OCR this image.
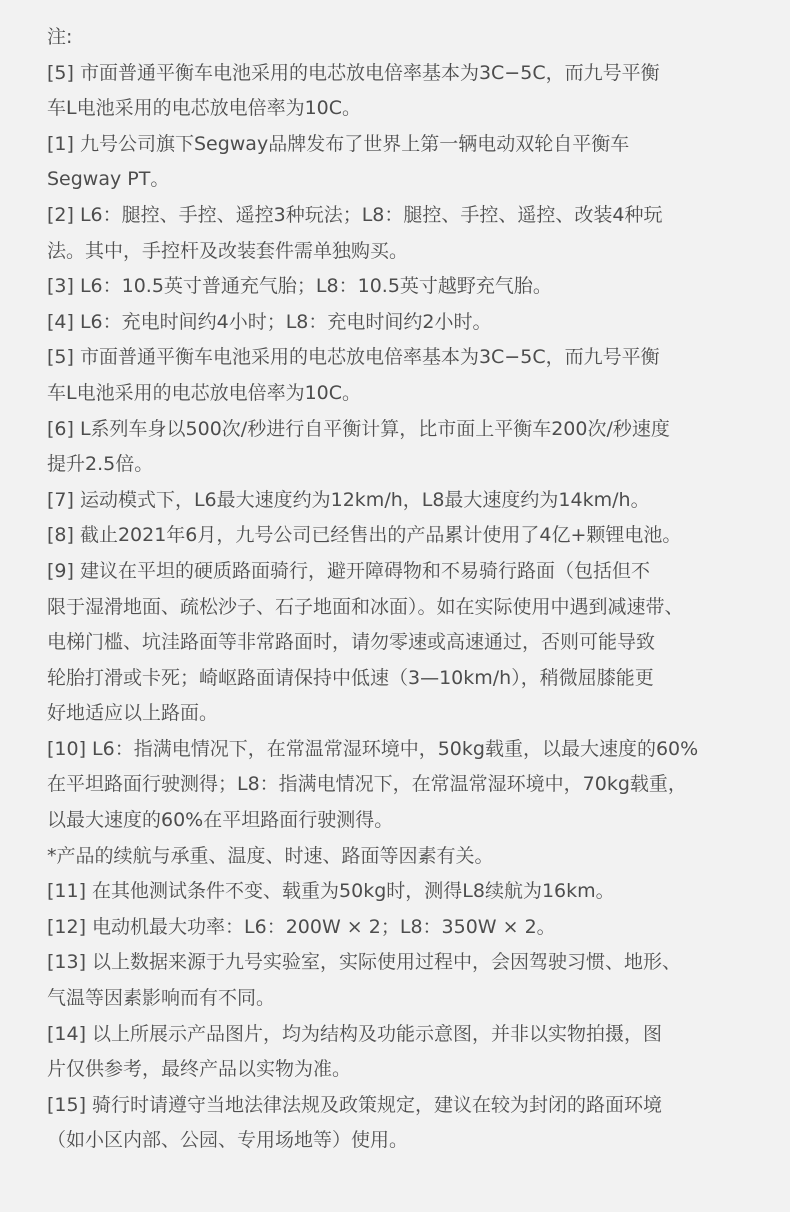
注:
[5] 市面普通平衡车电池采用的电芯放电倍率基本为3C−5C，而九号平衡
车L电池采用的电芯放电倍率为10C。
[1] 九号公司旗下Segway品牌发布了世界上第一辆电动双轮自平衡车
Segway PT。
[2] L6：腿控、手控、遥控3种玩法；L8：腿控、手控、遥控、改装4种玩
法。其中，手控杆及改装套件需单独购买。
[3] L6：10.5英寸普通充气胎；L8：10.5英寸越野充气胎。
[4] L6：充电时间约4小时；L8：充电时间约2小时。
[5] 市面普通平衡车电池采用的电芯放电倍率基本为3C−5C，而九号平衡
车L电池采用的电芯放电倍率为10C。
[6] L系列车身以500次/秒进行自平衡计算，比市面上平衡车200次/秒速度
提升2.5倍。
[7] 运动模式下，L6最大速度约为12km/h，L8最大速度约为14km/h。
[8] 截止2021年6月，九号公司已经售出的产品累计使用了4亿+颗锂电池。
[9] 建议在平坦的硬质路面骑行，避开障碍物和不易骑行路面（包括但不
限于湿滑地面、疏松沙子、石子地面和冰面）。如在实际使用中遇到减速带、
电梯门槛、坑洼路面等非常路面时，请勿零速或高速通过，否则可能导致
轮胎打滑或卡死；崎岖路面请保持中低速（3—10km/h），稍微屈膝能更
好地适应以上路面。
[10] L6：指满电情况下，在常温常湿环境中，50kg载重，以最大速度的60%
在平坦路面行驶测得；L8：指满电情况下，在常温常湿环境中，70kg载重，
以最大速度的60%在平坦路面行驶测得。
*产品的续航与承重、温度、时速、路面等因素有关。
[11] 在其他测试条件不变、载重为50kg时，测得L8续航为16km。
[12] 电动机最大功率：L6：200W × 2；L8：350W × 2。
[13] 以上数据来源于九号实验室，实际使用过程中，会因驾驶习惯、地形、
气温等因素影响而有不同。
[14] 以上所展示产品图片，均为结构及功能示意图，并非以实物拍摄，图
片仅供参考，最终产品以实物为准。
[15] 骑行时请遵守当地法律法规及政策规定，建议在较为封闭的路面环境
（如小区内部、公园、专用场地等）使用。
